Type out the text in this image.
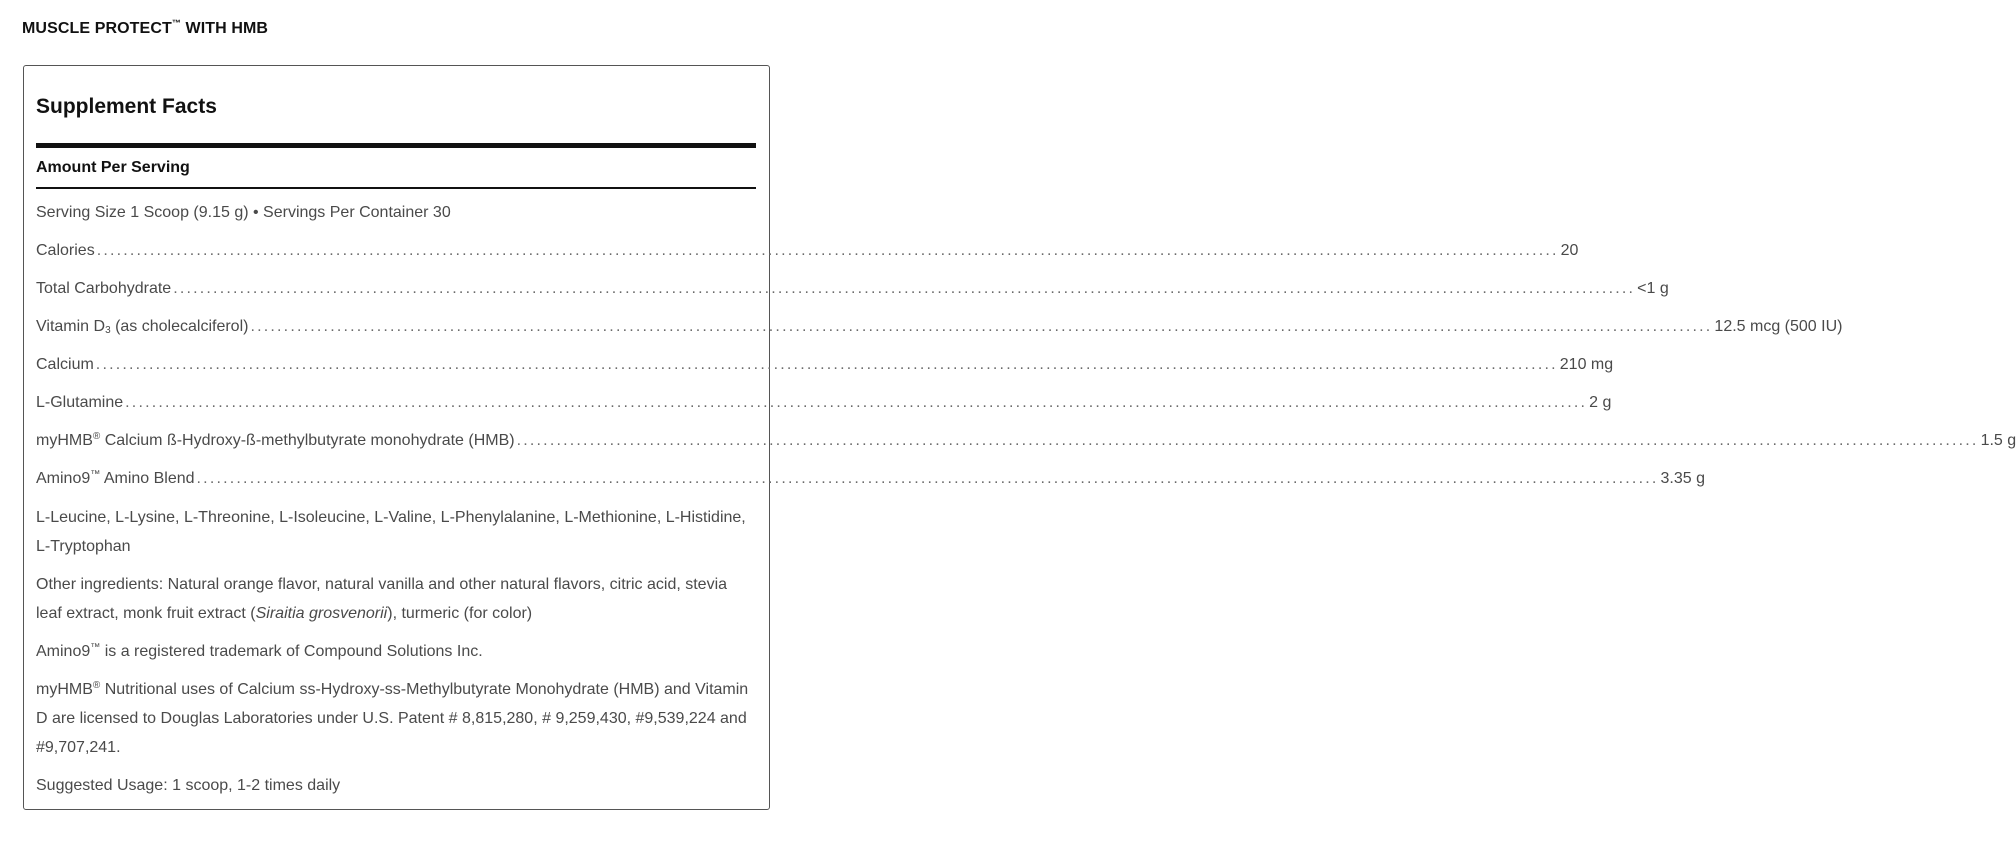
MUSCLE PROTECT™ WITH HMB
Supplement Facts
Amount Per Serving
Serving Size 1 Scoop (9.15 g) • Servings Per Container 30
Calories ............................................................................................................................................................................................................................ 20
Total Carbohydrate ............................................................................................................................................................................................................................ <1 g
Vitamin $D_3$ (as cholecalciferol) ............................................................................................................................................................................................................................ 12.5 mcg (500 IU)
Calcium ............................................................................................................................................................................................................................ 210 mg
L-Glutamine ............................................................................................................................................................................................................................ 2 g
myHMB® Calcium ß-Hydroxy-ß-methylbutyrate monohydrate (HMB) ............................................................................................................................................................................................................................ 1.5 g
Amino9™ Amino Blend ............................................................................................................................................................................................................................ 3.35 g
L-Leucine, L-Lysine, L-Threonine, L-Isoleucine, L-Valine, L-Phenylalanine, L-Methionine, L-Histidine, L-Tryptophan
Other ingredients: Natural orange flavor, natural vanilla and other natural flavors, citric acid, stevia leaf extract, monk fruit extract (Siraitia grosvenorii), turmeric (for color)
Amino9™ is a registered trademark of Compound Solutions Inc.
myHMB® Nutritional uses of Calcium ss-Hydroxy-ss-Methylbutyrate Monohydrate (HMB) and Vitamin D are licensed to Douglas Laboratories under U.S. Patent # 8,815,280, # 9,259,430, #9,539,224 and #9,707,241.
Suggested Usage: 1 scoop, 1-2 times daily
